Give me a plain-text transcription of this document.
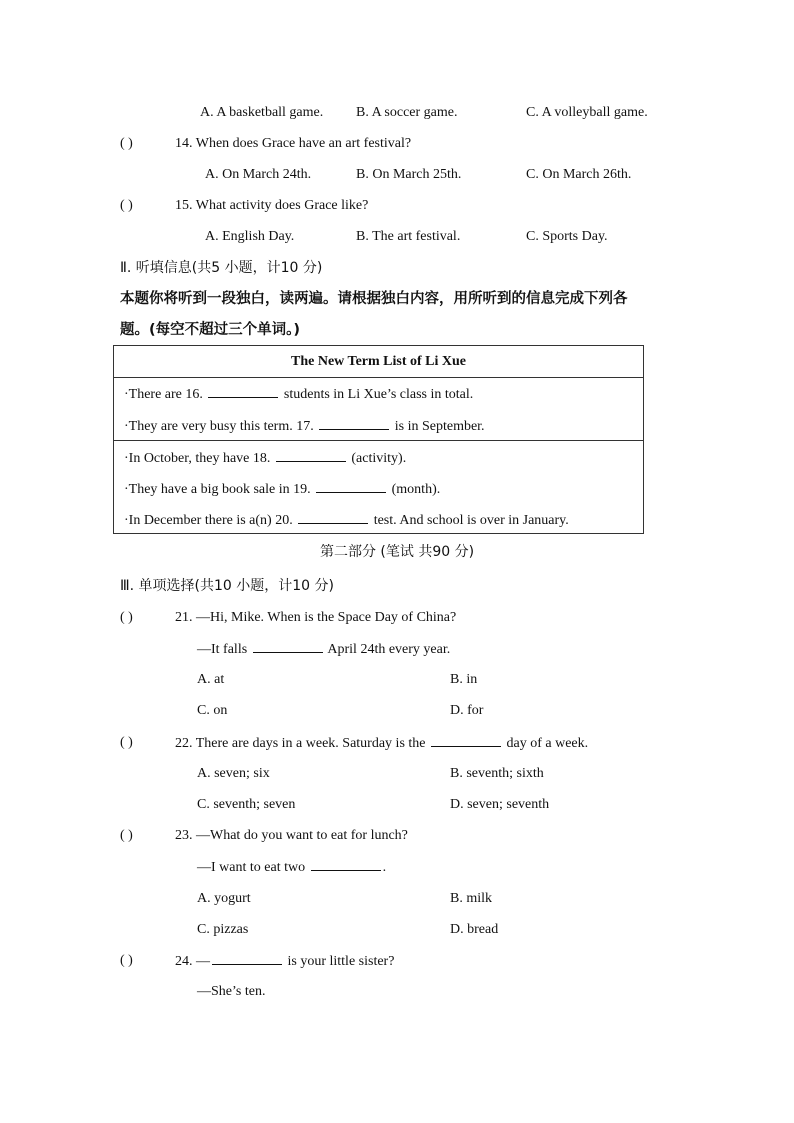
A. A basketball game. B. A soccer game.	C. A volleyball game.
( )	14. When does Grace have an art festival?
A. On March 24th.	B. On March 25th.	C. On March 26th.
( )	15. What activity does Grace like?
A. English Day.	B. The art festival.	C. Sports Day.
Ⅱ. 听填信息(共5 小题，计10 分)
本题你将听到一段独白，读两遍。请根据独白内容，用所听到的信息完成下列各
题。(每空不超过三个单词。)
The New Term List of Li Xue
·There are 16.	students in Li Xue’s class in total.
·They are very busy this term. 17.	is in September.
·In October, they have 18.	(activity).
·They have a big book sale in 19.	(month).
·In December there is a(n) 20.	test. And school is over in January.
第二部分 (笔试 共90 分)
Ⅲ. 单项选择(共10 小题，计10 分)
( )	21. —Hi, Mike. When is the Space Day of China?
—It falls	April 24th every year.
A. at	B. in
C. on	D. for
( )	22. There are days in a week. Saturday is the	day of a week.
A. seven; six	B. seventh; sixth
C. seventh; seven	D. seven; seventh
( )	23. —What do you want to eat for lunch?
—I want to eat two	.
A. yogurt	B. milk
C. pizzas	D. bread
( )	24. —	is your little sister?
—She’s ten.
